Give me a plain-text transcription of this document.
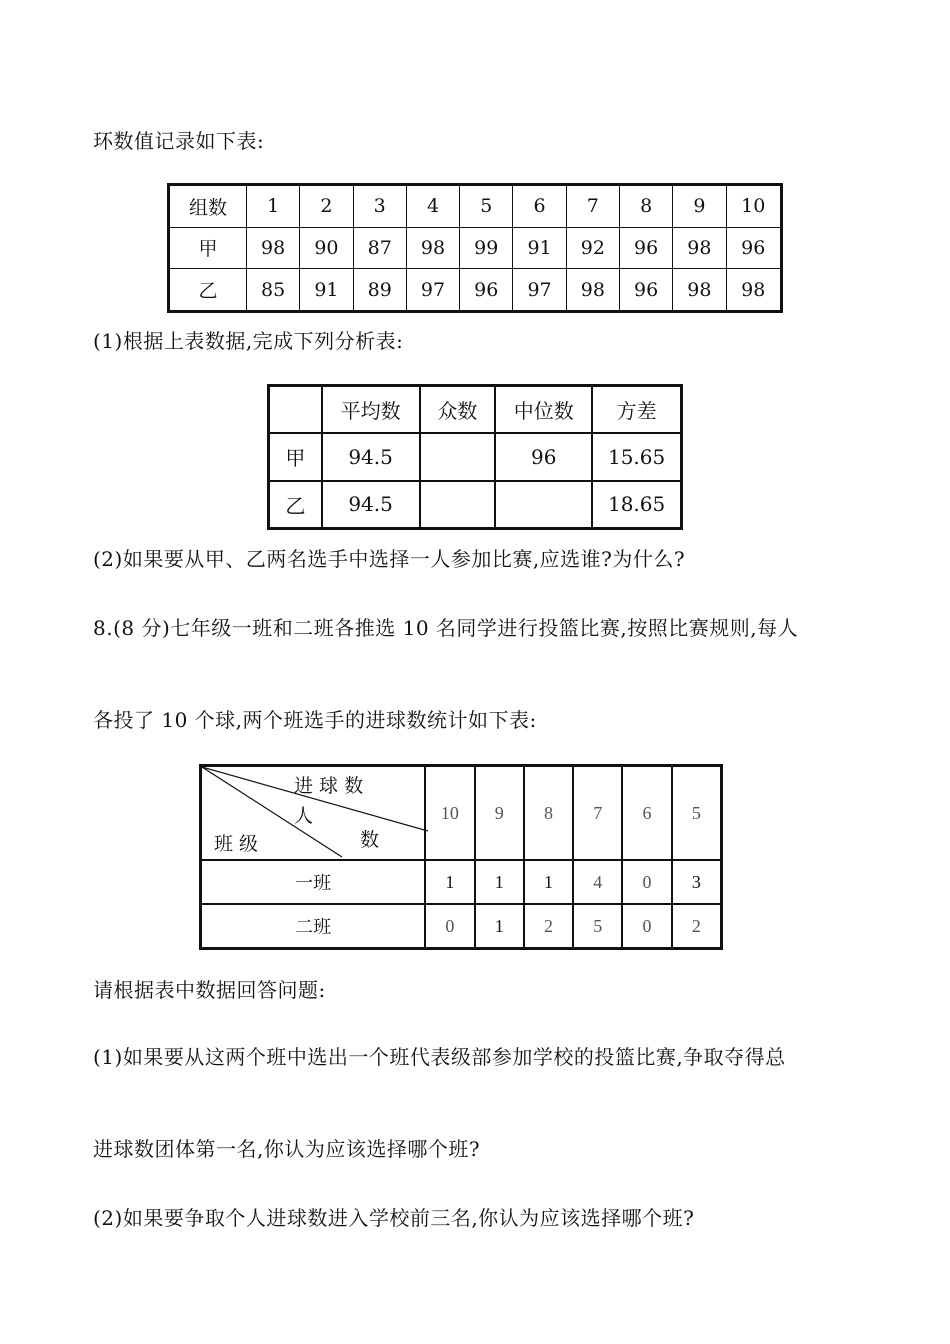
环数值记录如下表:
组数	1	2	3	4	5	6	7	8	9	10
甲	98	90	87	98	99	91	92	96	98	96
乙	85	91	89	97	96	97	98	96	98	98
(1)根据上表数据,完成下列分析表:
	平均数	众数	中位数	方差
甲	94.5		96	15.65
乙	94.5			18.65
(2)如果要从甲、乙两名选手中选择一人参加比赛,应选谁?为什么?
8.(8 分)七年级一班和二班各推选 10 名同学进行投篮比赛,按照比赛规则,每人
各投了 10 个球,两个班选手的进球数统计如下表:
进 球 数
人
数
班 级	10	9	8	7	6	5
一班	1	1	1	4	0	3
二班	0	1	2	5	0	2
请根据表中数据回答问题:
(1)如果要从这两个班中选出一个班代表级部参加学校的投篮比赛,争取夺得总
进球数团体第一名,你认为应该选择哪个班?
(2)如果要争取个人进球数进入学校前三名,你认为应该选择哪个班?
